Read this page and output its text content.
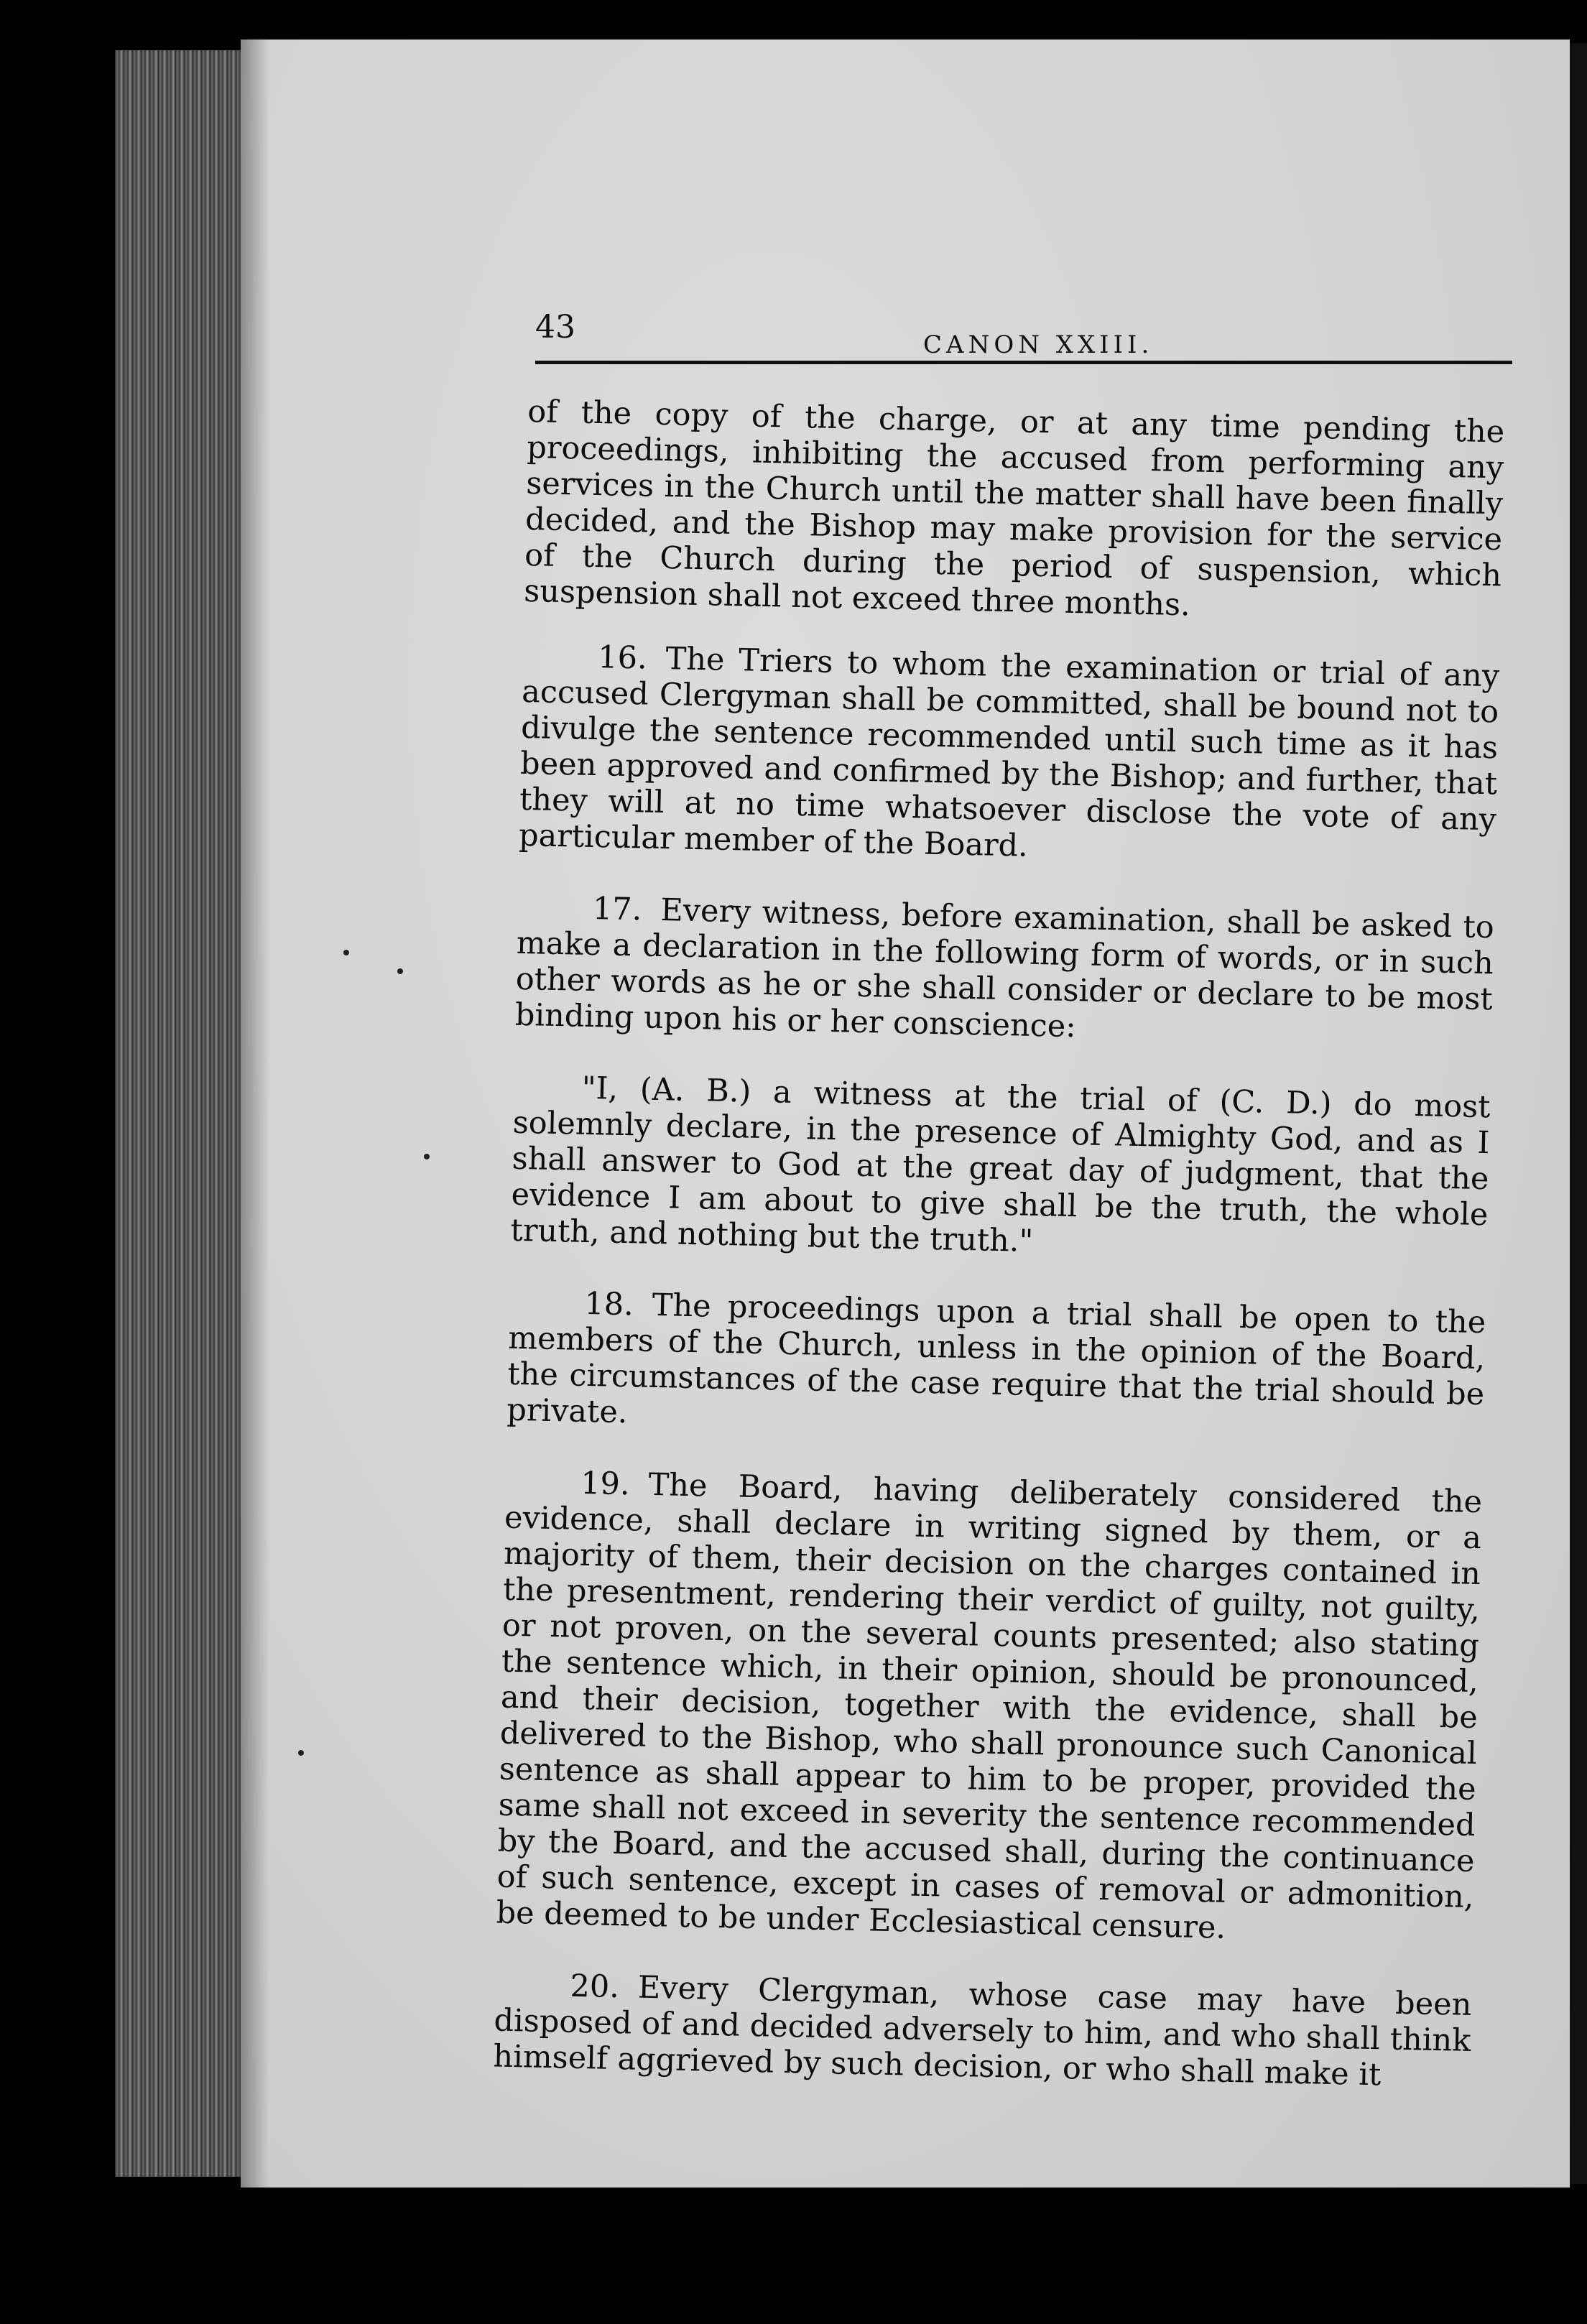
43	CANON XXIII.

of the copy of the charge, or at any time pending the proceedings, inhibiting the accused from performing any services in the Church until the matter shall have been finally decided, and the Bishop may make provision for the service of the Church during the period of suspension, which suspension shall not exceed three months.

16. The Triers to whom the examination or trial of any accused Clergyman shall be committed, shall be bound not to divulge the sentence recommended until such time as it has been approved and confirmed by the Bishop; and further, that they will at no time whatsoever disclose the vote of any particular member of the Board.

17. Every witness, before examination, shall be asked to make a declaration in the following form of words, or in such other words as he or she shall consider or declare to be most binding upon his or her conscience:

"I, (A. B.) a witness at the trial of (C. D.) do most solemnly declare, in the presence of Almighty God, and as I shall answer to God at the great day of judgment, that the evidence I am about to give shall be the truth, the whole truth, and nothing but the truth."

18. The proceedings upon a trial shall be open to the members of the Church, unless in the opinion of the Board, the circumstances of the case require that the trial should be private.

19. The Board, having deliberately considered the evidence, shall declare in writing signed by them, or a majority of them, their decision on the charges contained in the presentment, rendering their verdict of guilty, not guilty, or not proven, on the several counts presented; also stating the sentence which, in their opinion, should be pronounced, and their decision, together with the evidence, shall be delivered to the Bishop, who shall pronounce such Canonical sentence as shall appear to him to be proper, provided the same shall not exceed in severity the sentence recommended by the Board, and the accused shall, during the continuance of such sentence, except in cases of removal or admonition, be deemed to be under Ecclesiastical censure.

20. Every Clergyman, whose case may have been disposed of and decided adversely to him, and who shall think himself aggrieved by such decision, or who shall make it
